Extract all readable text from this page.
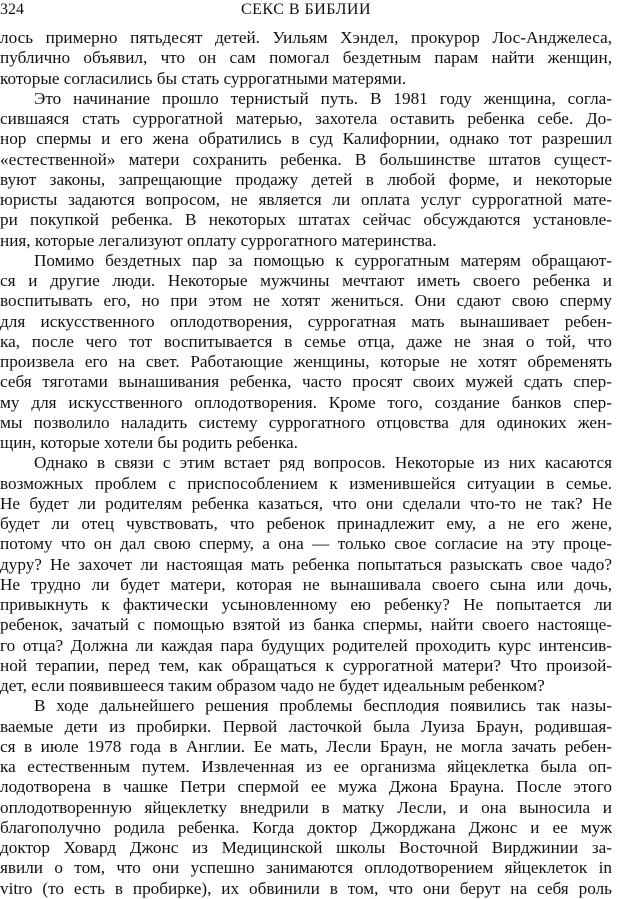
324	СЕКС В БИБЛИИ
лось примерно пятьдесят детей. Уильям Хэндел, прокурор Лос-Анджелеса,
публично объявил, что он сам помогал бездетным парам найти женщин,
которые согласились бы стать суррогатными матерями.
Это начинание прошло тернистый путь. В 1981 году женщина, согла-
сившаяся стать суррогатной матерью, захотела оставить ребенка себе. До-
нор спермы и его жена обратились в суд Калифорнии, однако тот разрешил
«естественной» матери сохранить ребенка. В большинстве штатов сущест-
вуют законы, запрещающие продажу детей в любой форме, и некоторые
юристы задаются вопросом, не является ли оплата услуг суррогатной мате-
ри покупкой ребенка. В некоторых штатах сейчас обсуждаются установле-
ния, которые легализуют оплату суррогатного материнства.
Помимо бездетных пар за помощью к суррогатным матерям обращают-
ся и другие люди. Некоторые мужчины мечтают иметь своего ребенка и
воспитывать его, но при этом не хотят жениться. Они сдают свою сперму
для искусственного оплодотворения, суррогатная мать вынашивает ребен-
ка, после чего тот воспитывается в семье отца, даже не зная о той, что
произвела его на свет. Работающие женщины, которые не хотят обременять
себя тяготами вынашивания ребенка, часто просят своих мужей сдать спер-
му для искусственного оплодотворения. Кроме того, создание банков спер-
мы позволило наладить систему суррогатного отцовства для одиноких жен-
щин, которые хотели бы родить ребенка.
Однако в связи с этим встает ряд вопросов. Некоторые из них касаются
возможных проблем с приспособлением к изменившейся ситуации в семье.
Не будет ли родителям ребенка казаться, что они сделали что-то не так? Не
будет ли отец чувствовать, что ребенок принадлежит ему, а не его жене,
потому что он дал свою сперму, а она — только свое согласие на эту проце-
дуру? Не захочет ли настоящая мать ребенка попытаться разыскать свое чадо?
Не трудно ли будет матери, которая не вынашивала своего сына или дочь,
привыкнуть к фактически усыновленному ею ребенку? Не попытается ли
ребенок, зачатый с помощью взятой из банка спермы, найти своего настояще-
го отца? Должна ли каждая пара будущих родителей проходить курс интенсив-
ной терапии, перед тем, как обращаться к суррогатной матери? Что произой-
дет, если появившееся таким образом чадо не будет идеальным ребенком?
В ходе дальнейшего решения проблемы бесплодия появились так назы-
ваемые дети из пробирки. Первой ласточкой была Луиза Браун, родившая-
ся в июле 1978 года в Англии. Ее мать, Лесли Браун, не могла зачать ребен-
ка естественным путем. Извлеченная из ее организма яйцеклетка была оп-
лодотворена в чашке Петри спермой ее мужа Джона Брауна. После этого
оплодотворенную яйцеклетку внедрили в матку Лесли, и она выносила и
благополучно родила ребенка. Когда доктор Джорджана Джонс и ее муж
доктор Ховард Джонс из Медицинской школы Восточной Вирджинии за-
явили о том, что они успешно занимаются оплодотворением яйцеклеток in
vitro (то есть в пробирке), их обвинили в том, что они берут на себя роль
